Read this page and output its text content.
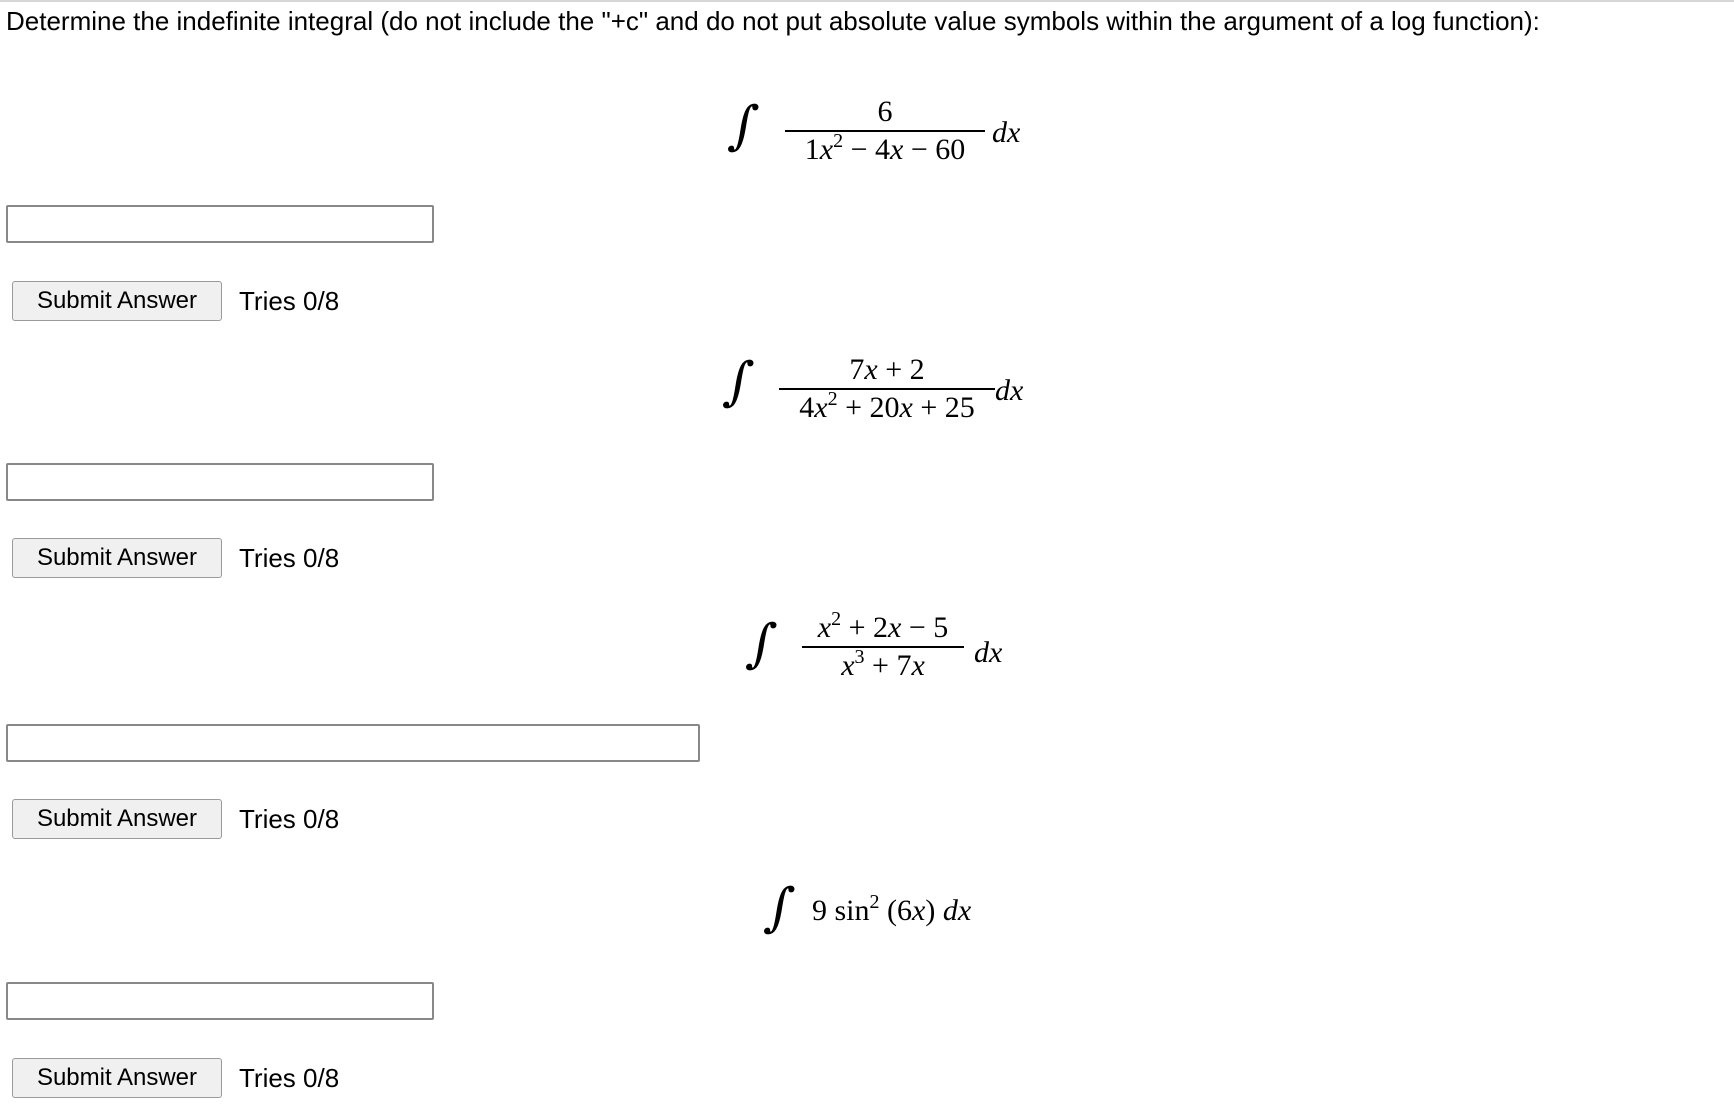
Determine the indefinite integral (do not include the "+c" and do not put absolute value symbols within the argument of a log function):

∫	6
$1x^2 - 4x - 60$
dx
Submit Answer	Tries 0/8
∫	7x + 2
$4x^2 + 20x + 25$
dx
Submit Answer	Tries 0/8
∫	$x^2 + 2x - 5$
$x^3 + 7x$	dx
Submit Answer	Tries 0/8
∫ 9 $\sin^2 (6x)$ dx
Submit Answer	Tries 0/8
